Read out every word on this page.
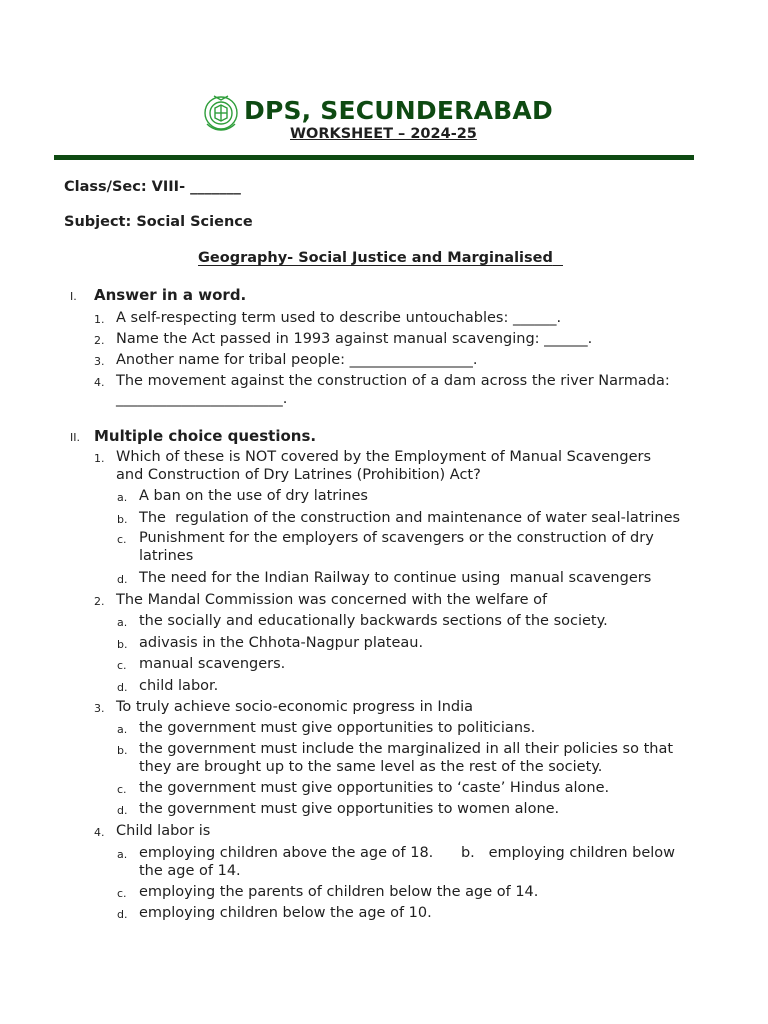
DPS, SECUNDERABAD
WORKSHEET – 2024-25
Class/Sec: VIII- _______
Subject: Social Science
Geography- Social Justice and Marginalised
I.	Answer in a word.
1. A self-respecting term used to describe untouchables: ______.
2. Name the Act passed in 1993 against manual scavenging: ______.
3. Another name for tribal people: _________________.
4. The movement against the construction of a dam across the river Narmada:
_______________________.
II. Multiple choice questions.
1. Which of these is NOT covered by the Employment of Manual Scavengers
and Construction of Dry Latrines (Prohibition) Act?
a. A ban on the use of dry latrines
b. The  regulation of the construction and maintenance of water seal-latrines
c. Punishment for the employers of scavengers or the construction of dry
latrines
d. The need for the Indian Railway to continue using  manual scavengers
2. The Mandal Commission was concerned with the welfare of
a. the socially and educationally backwards sections of the society.
b. adivasis in the Chhota-Nagpur plateau.
c. manual scavengers.
d. child labor.
3. To truly achieve socio-economic progress in India
a. the government must give opportunities to politicians.
b. the government must include the marginalized in all their policies so that
they are brought up to the same level as the rest of the society.
c. the government must give opportunities to ‘caste’ Hindus alone.
d. the government must give opportunities to women alone.
4. Child labor is
a. employing children above the age of 18.      b.   employing children below
the age of 14.
c. employing the parents of children below the age of 14.
d. employing children below the age of 10.
